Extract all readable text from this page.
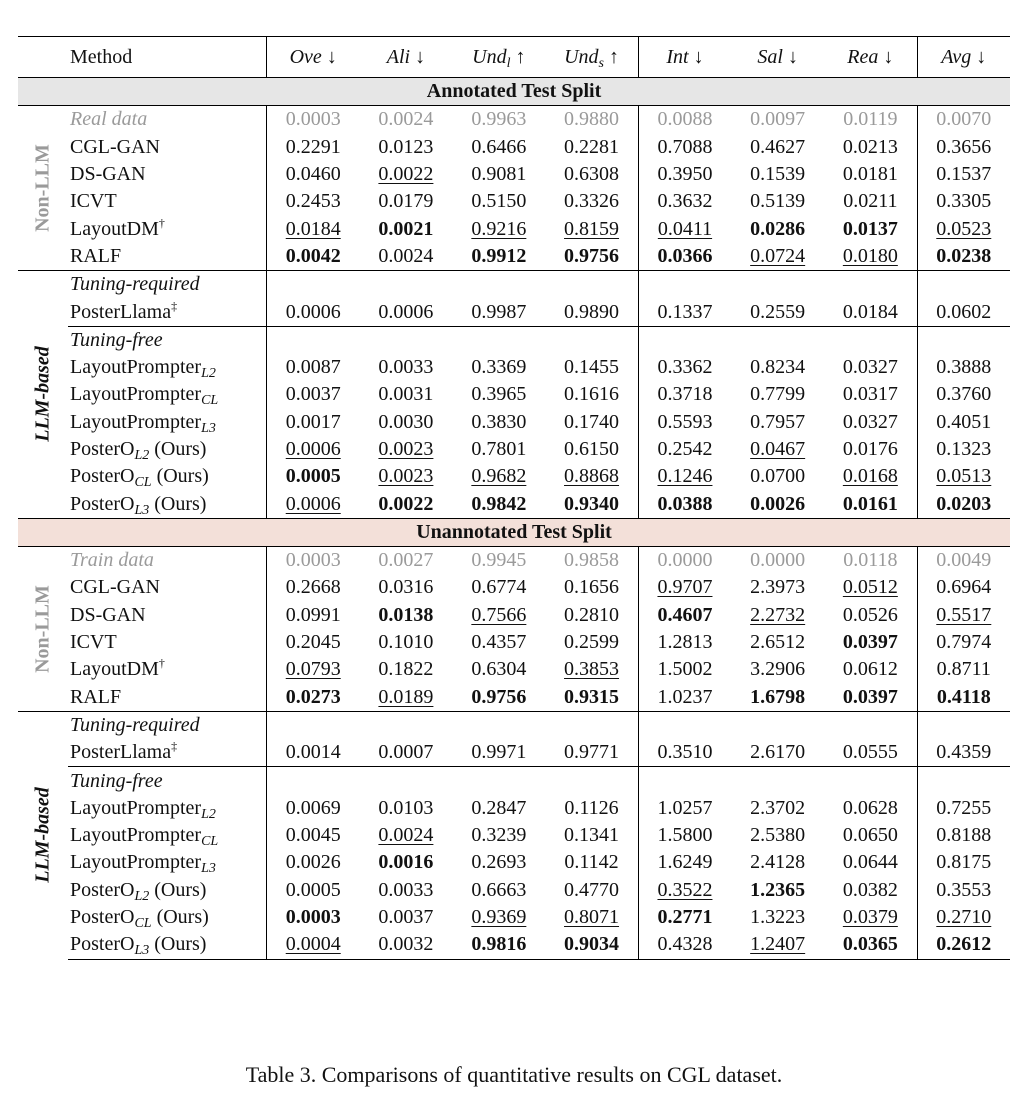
	Method	Ove ↓	Ali ↓	Und$_l$ ↑	Und$_s$ ↑	Int ↓	Sal ↓	Rea ↓	Avg ↓
Annotated Test Split									

Non-LLM	Real data	0.0003	0.0024	0.9963	0.9880	0.0088	0.0097	0.0119	0.0070
	CGL-GAN	0.2291	0.0123	0.6466	0.2281	0.7088	0.4627	0.0213	0.3656
	DS-GAN	0.0460	0.0022	0.9081	0.6308	0.3950	0.1539	0.0181	0.1537
	ICVT	0.2453	0.0179	0.5150	0.3326	0.3632	0.5139	0.0211	0.3305
	LayoutDM†	0.0184	0.0021	0.9216	0.8159	0.0411	0.0286	0.0137	0.0523
	RALF	0.0042	0.0024	0.9912	0.9756	0.0366	0.0724	0.0180	0.0238

LLM-based	Tuning-required								
	PosterLlama‡	0.0006	0.0006	0.9987	0.9890	0.1337	0.2559	0.0184	0.0602
	Tuning-free								
	LayoutPrompter$_{L2}$	0.0087	0.0033	0.3369	0.1455	0.3362	0.8234	0.0327	0.3888
	LayoutPrompter$_{CL}$	0.0037	0.0031	0.3965	0.1616	0.3718	0.7799	0.0317	0.3760
	LayoutPrompter$_{L3}$	0.0017	0.0030	0.3830	0.1740	0.5593	0.7957	0.0327	0.4051
	PosterO$_{L2}$ (Ours)	0.0006	0.0023	0.7801	0.6150	0.2542	0.0467	0.0176	0.1323
	PosterO$_{CL}$ (Ours)	0.0005	0.0023	0.9682	0.8868	0.1246	0.0700	0.0168	0.0513
	PosterO$_{L3}$ (Ours)	0.0006	0.0022	0.9842	0.9340	0.0388	0.0026	0.0161	0.0203
Unannotated Test Split									

Non-LLM	Train data	0.0003	0.0027	0.9945	0.9858	0.0000	0.0000	0.0118	0.0049
	CGL-GAN	0.2668	0.0316	0.6774	0.1656	0.9707	2.3973	0.0512	0.6964
	DS-GAN	0.0991	0.0138	0.7566	0.2810	0.4607	2.2732	0.0526	0.5517
	ICVT	0.2045	0.1010	0.4357	0.2599	1.2813	2.6512	0.0397	0.7974
	LayoutDM†	0.0793	0.1822	0.6304	0.3853	1.5002	3.2906	0.0612	0.8711
	RALF	0.0273	0.0189	0.9756	0.9315	1.0237	1.6798	0.0397	0.4118

LLM-based	Tuning-required								
	PosterLlama‡	0.0014	0.0007	0.9971	0.9771	0.3510	2.6170	0.0555	0.4359
	Tuning-free								
	LayoutPrompter$_{L2}$	0.0069	0.0103	0.2847	0.1126	1.0257	2.3702	0.0628	0.7255
	LayoutPrompter$_{CL}$	0.0045	0.0024	0.3239	0.1341	1.5800	2.5380	0.0650	0.8188
	LayoutPrompter$_{L3}$	0.0026	0.0016	0.2693	0.1142	1.6249	2.4128	0.0644	0.8175
	PosterO$_{L2}$ (Ours)	0.0005	0.0033	0.6663	0.4770	0.3522	1.2365	0.0382	0.3553
	PosterO$_{CL}$ (Ours)	0.0003	0.0037	0.9369	0.8071	0.2771	1.3223	0.0379	0.2710
	PosterO$_{L3}$ (Ours)	0.0004	0.0032	0.9816	0.9034	0.4328	1.2407	0.0365	0.2612
Table 3. Comparisons of quantitative results on CGL dataset.
